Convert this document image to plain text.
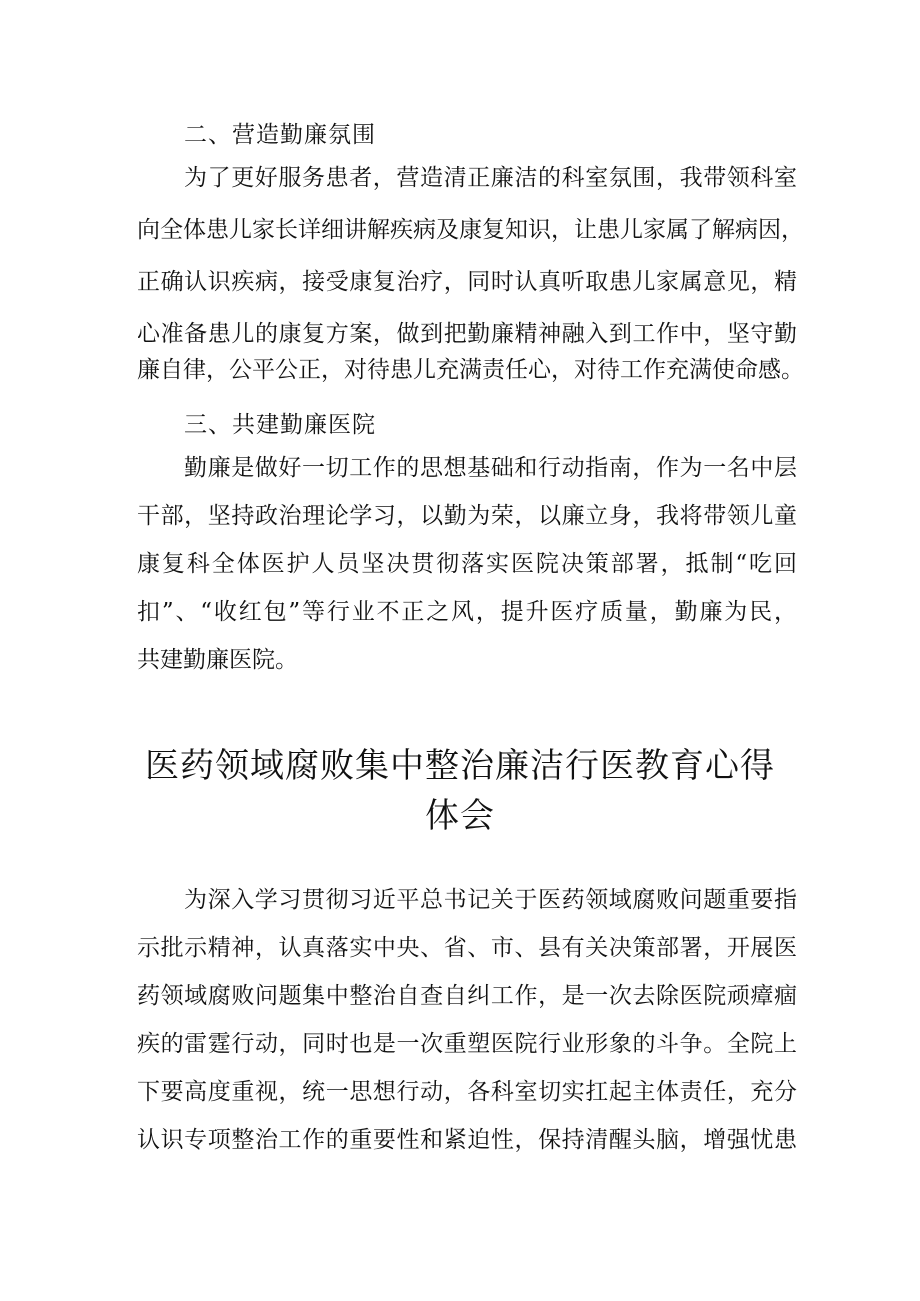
二、营造勤廉氛围
为了更好服务患者，营造清正廉洁的科室氛围，我带领科室
向全体患儿家长详细讲解疾病及康复知识，让患儿家属了解病因，
正确认识疾病，接受康复治疗，同时认真听取患儿家属意见，精
心准备患儿的康复方案，做到把勤廉精神融入到工作中，坚守勤
廉自律，公平公正，对待患儿充满责任心，对待工作充满使命感。
三、共建勤廉医院
勤廉是做好一切工作的思想基础和行动指南，作为一名中层
干部，坚持政治理论学习，以勤为荣，以廉立身，我将带领儿童
康复科全体医护人员坚决贯彻落实医院决策部署，抵制“吃回
扣”、“收红包”等行业不正之风，提升医疗质量，勤廉为民，
共建勤廉医院。
医药领域腐败集中整治廉洁行医教育心得
体会
为深入学习贯彻习近平总书记关于医药领域腐败问题重要指
示批示精神，认真落实中央、省、市、县有关决策部署，开展医
药领域腐败问题集中整治自查自纠工作，是一次去除医院顽瘴痼
疾的雷霆行动，同时也是一次重塑医院行业形象的斗争。全院上
下要高度重视，统一思想行动，各科室切实扛起主体责任，充分
认识专项整治工作的重要性和紧迫性，保持清醒头脑，增强忧患
